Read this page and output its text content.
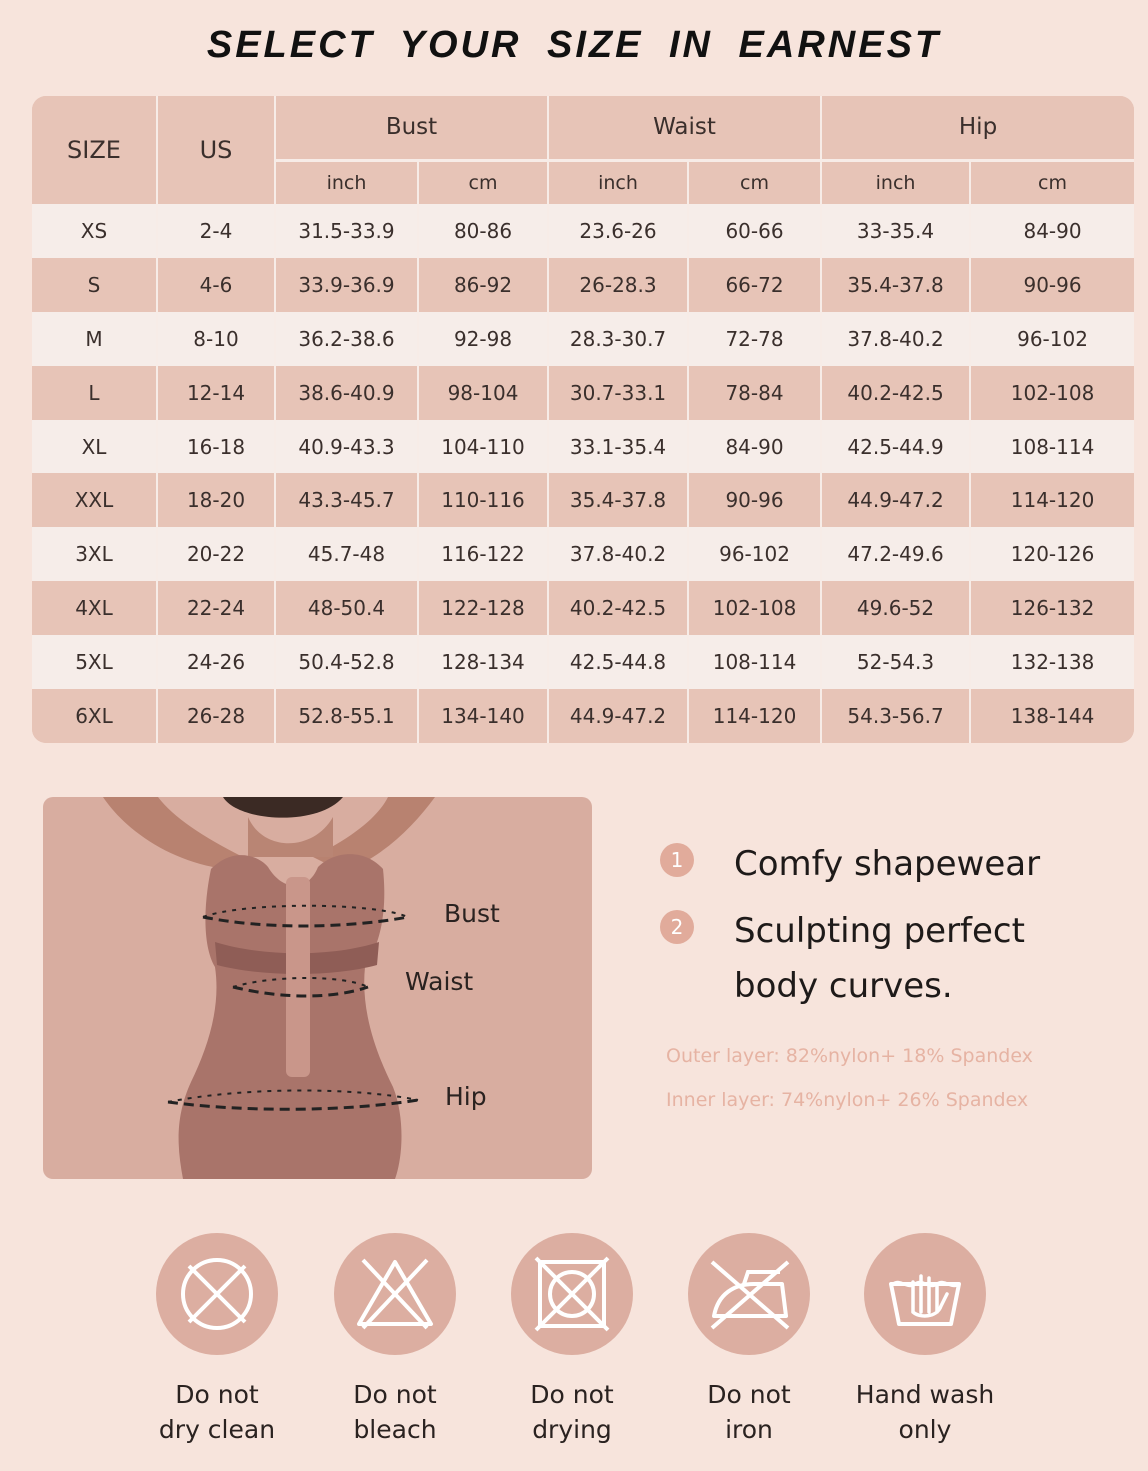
SELECT YOUR SIZE IN EARNEST
SIZE	US	Bust		Waist		Hip	
		inch	cm	inch	cm	inch	cm
XS	2-4	31.5-33.9	80-86	23.6-26	60-66	33-35.4	84-90
S	4-6	33.9-36.9	86-92	26-28.3	66-72	35.4-37.8	90-96
M	8-10	36.2-38.6	92-98	28.3-30.7	72-78	37.8-40.2	96-102
L	12-14	38.6-40.9	98-104	30.7-33.1	78-84	40.2-42.5	102-108
XL	16-18	40.9-43.3	104-110	33.1-35.4	84-90	42.5-44.9	108-114
XXL	18-20	43.3-45.7	110-116	35.4-37.8	90-96	44.9-47.2	114-120
3XL	20-22	45.7-48	116-122	37.8-40.2	96-102	47.2-49.6	120-126
4XL	22-24	48-50.4	122-128	40.2-42.5	102-108	49.6-52	126-132
5XL	24-26	50.4-52.8	128-134	42.5-44.8	108-114	52-54.3	132-138
6XL	26-28	52.8-55.1	134-140	44.9-47.2	114-120	54.3-56.7	138-144
Bust
Waist
Hip
1	Comfy shapewear
2	Sculpting perfect
body curves.
Outer layer: 82%nylon+ 18% Spandex
Inner layer: 74%nylon+ 26% Spandex
Do not
dry clean
Do not
bleach
Do not
drying
Do not
iron
Hand wash
only
